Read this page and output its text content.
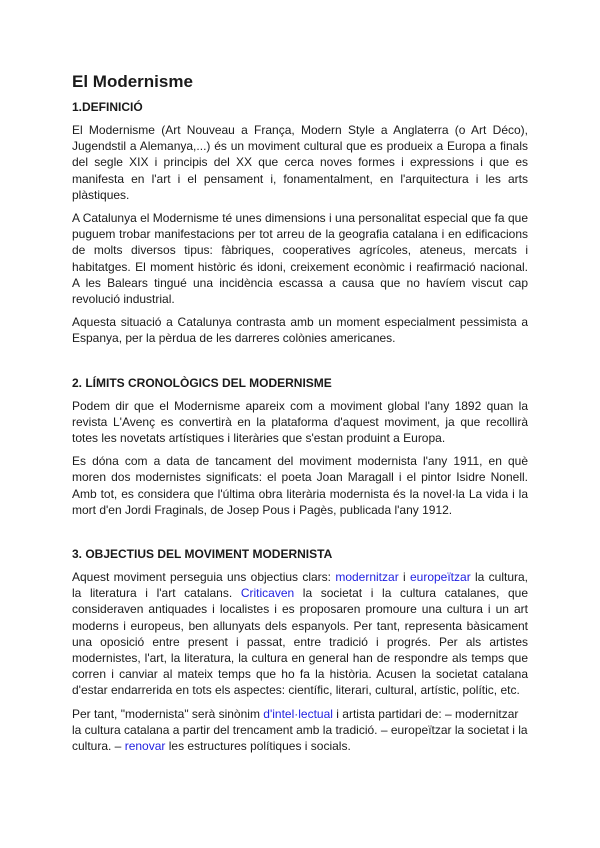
El Modernisme
1.DEFINICIÓ

El Modernisme (Art Nouveau a França, Modern Style a Anglaterra (o Art Déco), Jugendstil a Alemanya,...) és un moviment cultural que es produeix a Europa a finals del segle XIX i principis del XX que cerca noves formes i expressions i que es manifesta en l'art i el pensament i, fonamentalment, en l'arquitectura i les arts plàstiques.

A Catalunya el Modernisme té unes dimensions i una personalitat especial que fa que puguem trobar manifestacions per tot arreu de la geografia catalana i en edificacions de molts diversos tipus: fàbriques, cooperatives agrícoles, ateneus, mercats i habitatges. El moment històric és idoni, creixement econòmic i reafirmació nacional. A les Balears tingué una incidència escassa a causa que no havíem viscut cap revolució industrial.

Aquesta situació a Catalunya contrasta amb un moment especialment pessimista a Espanya, per la pèrdua de les darreres colònies americanes.

2. LÍMITS CRONOLÒGICS DEL MODERNISME

Podem dir que el Modernisme apareix com a moviment global l'any 1892 quan la revista L'Avenç es convertirà en la plataforma d'aquest moviment, ja que recollirà totes les novetats artístiques i literàries que s'estan produint a Europa.

Es dóna com a data de tancament del moviment modernista l'any 1911, en què moren dos modernistes significats: el poeta Joan Maragall i el pintor Isidre Nonell. Amb tot, es considera que l'última obra literària modernista és la novel·la La vida i la mort d'en Jordi Fraginals, de Josep Pous i Pagès, publicada l'any 1912.

3. OBJECTIUS DEL MOVIMENT MODERNISTA

Aquest moviment perseguia uns objectius clars: modernitzar i europeïtzar la cultura, la literatura i l'art catalans. Criticaven la societat i la cultura catalanes, que consideraven antiquades i localistes i es proposaren promoure una cultura i un art moderns i europeus, ben allunyats dels espanyols. Per tant, representa bàsicament una oposició entre present i passat, entre tradició i progrés. Per als artistes modernistes, l'art, la literatura, la cultura en general han de respondre als temps que corren i canviar al mateix temps que ho fa la història. Acusen la societat catalana d'estar endarrerida en tots els aspectes: científic, literari, cultural, artístic, polític, etc.

Per tant, "modernista" serà sinònim d'intel·lectual i artista partidari de: – modernitzar la cultura catalana a partir del trencament amb la tradició. – europeïtzar la societat i la cultura. – renovar les estructures polítiques i socials.
